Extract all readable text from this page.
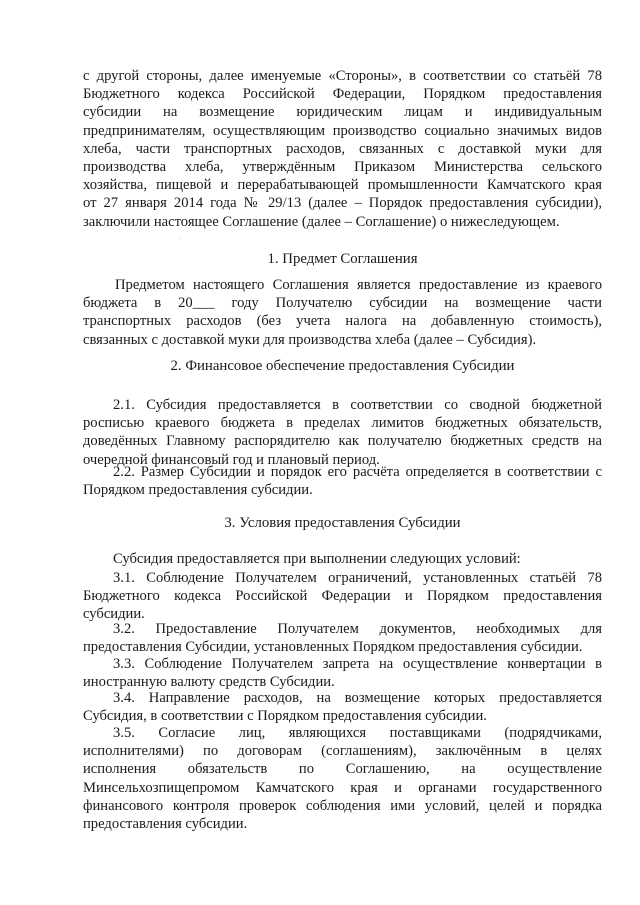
с другой стороны, далее именуемые «Стороны», в соответствии со статьёй 78

Бюджетного кодекса Российской Федерации, Порядком предоставления

субсидии на возмещение юридическим лицам и индивидуальным

предпринимателям, осуществляющим производство социально значимых видов

хлеба, части транспортных расходов, связанных с доставкой муки для

производства хлеба, утверждённым Приказом Министерства сельского

хозяйства, пищевой и перерабатывающей промышленности Камчатского края

от 27 января 2014 года № 29/13 (далее – Порядок предоставления субсидии),

заключили настоящее Соглашение (далее – Соглашение) о нижеследующем.

1. Предмет Соглашения

Предметом настоящего Соглашения является предоставление из краевого

бюджета в 20___ году Получателю субсидии на возмещение части

транспортных расходов (без учета налога на добавленную стоимость),

связанных с доставкой муки для производства хлеба (далее – Субсидия).

2. Финансовое обеспечение предоставления Субсидии

2.1. Субсидия предоставляется в соответствии со сводной бюджетной

росписью краевого бюджета в пределах лимитов бюджетных обязательств,

доведённых Главному распорядителю как получателю бюджетных средств на

очередной финансовый год и плановый период.

2.2. Размер Субсидии и порядок его расчёта определяется в соответствии с

Порядком предоставления субсидии.

3. Условия предоставления Субсидии

Субсидия предоставляется при выполнении следующих условий:

3.1. Соблюдение Получателем ограничений, установленных статьёй 78

Бюджетного кодекса Российской Федерации и Порядком предоставления

субсидии.

3.2. Предоставление Получателем документов, необходимых для

предоставления Субсидии, установленных Порядком предоставления субсидии.

3.3. Соблюдение Получателем запрета на осуществление конвертации в

иностранную валюту средств Субсидии.

3.4. Направление расходов, на возмещение которых предоставляется

Субсидия, в соответствии с Порядком предоставления субсидии.

3.5. Согласие лиц, являющихся поставщиками (подрядчиками,

исполнителями) по договорам (соглашениям), заключённым в целях

исполнения обязательств по Соглашению, на осуществление

Минсельхозпищепромом Камчатского края и органами государственного

финансового контроля проверок соблюдения ими условий, целей и порядка

предоставления субсидии.
